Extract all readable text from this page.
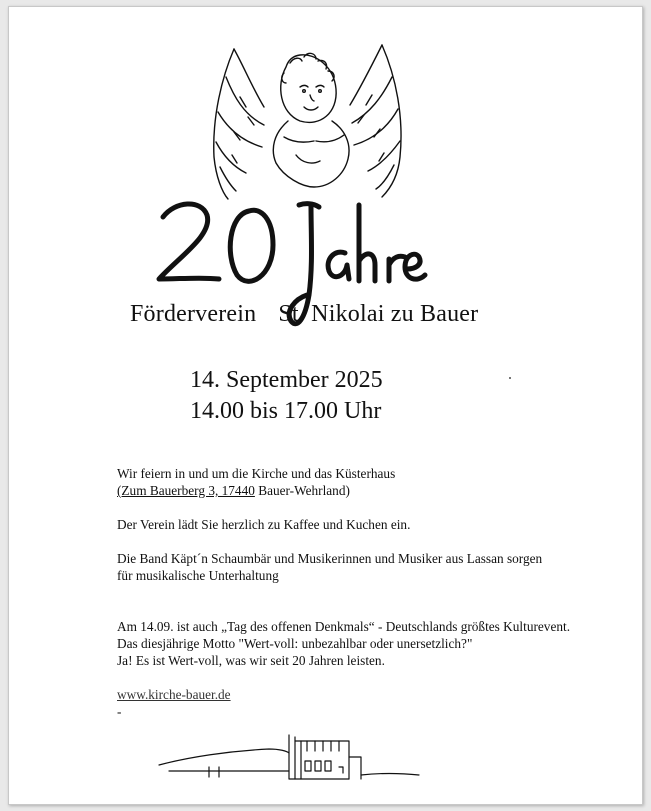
Förderverein St. Nikolai zu Bauer
14. September 2025
14.00 bis 17.00 Uhr

Wir feiern in und um die Kirche und das Küsterhaus

(Zum Bauerberg 3, 17440 Bauer-Wehrland)

Der Verein lädt Sie herzlich zu Kaffee und Kuchen ein.

Die Band Käpt´n Schaumbär und Musikerinnen und Musiker aus Lassan sorgen

für musikalische Unterhaltung

Am 14.09. ist auch „Tag des offenen Denkmals“ - Deutschlands größtes Kulturevent.

Das diesjährige Motto "Wert-voll: unbezahlbar oder unersetzlich?"

Ja! Es ist Wert-voll, was wir seit 20 Jahren leisten.

www.kirche-bauer.de

-
